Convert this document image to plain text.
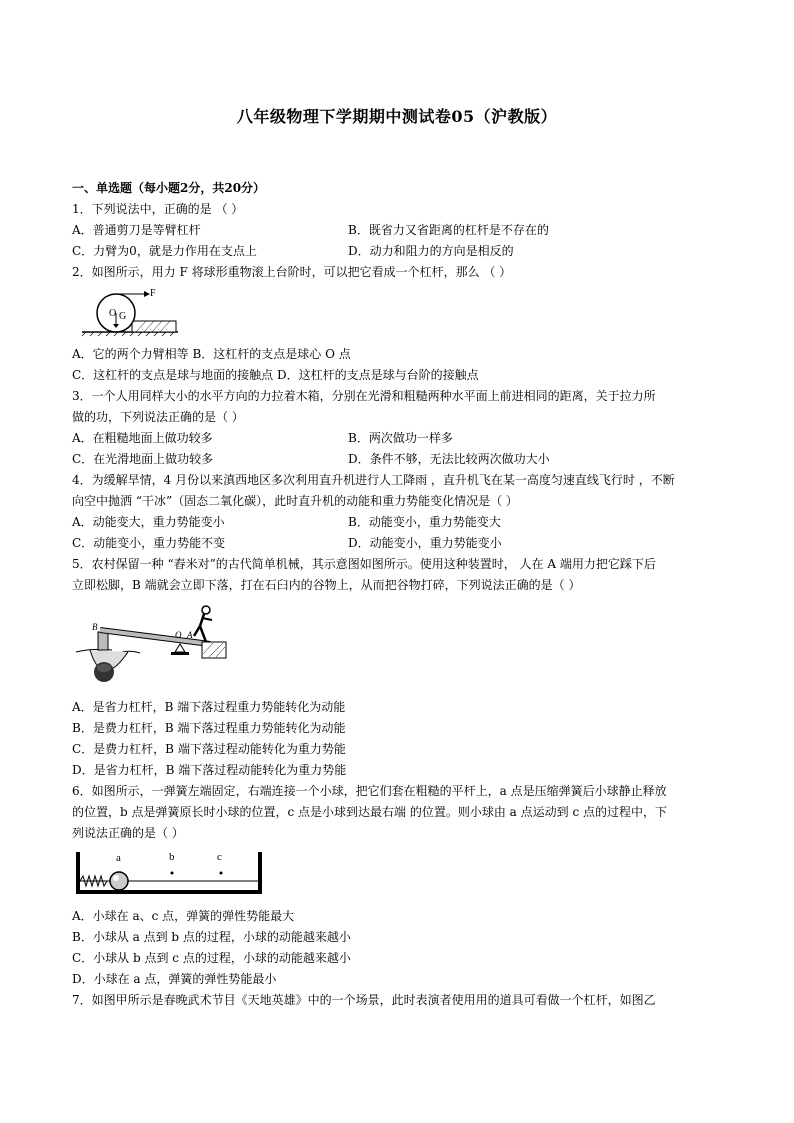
八年级物理下学期期中测试卷05（沪教版）
一、单选题（每小题2分，共20分）
1．下列说法中，正确的是 （ ）
A．普通剪刀是等臂杠杆	B．既省力又省距离的杠杆是不存在的
C．力臂为0，就是力作用在支点上	D．动力和阻力的方向是相反的
2．如图所示，用力 F 将球形重物滚上台阶时，可以把它看成一个杠杆，那么 （ ）
O G
F
A．它的两个力臂相等 B．这杠杆的支点是球心 O 点
C．这杠杆的支点是球与地面的接触点 D．这杠杆的支点是球与台阶的接触点
3．一个人用同样大小的水平方向的力拉着木箱，分别在光滑和粗糙两种水平面上前进相同的距离，关于拉力所
做的功，下列说法正确的是（ ）
A．在粗糙地面上做功较多	B．两次做功一样多
C．在光滑地面上做功较多	D．条件不够，无法比较两次做功大小
4．为缓解旱情，4 月份以来滇西地区多次利用直升机进行人工降雨 ，直升机飞在某一高度匀速直线飞行时 ，不断
向空中抛洒 “干冰”（固态二氧化碳），此时直升机的动能和重力势能变化情况是（ ）
A．动能变大，重力势能变小	B．动能变小，重力势能变大
C．动能变小，重力势能不变	D．动能变小，重力势能变小
5．农村保留一种 “舂米对”的古代简单机械，其示意图如图所示。使用这种装置时， 人在 A 端用力把它踩下后
立即松脚，B 端就会立即下落，打在石臼内的谷物上，从而把谷物打碎，下列说法正确的是（ ）
B
O A
A．是省力杠杆，B 端下落过程重力势能转化为动能
B．是费力杠杆，B 端下落过程重力势能转化为动能
C．是费力杠杆，B 端下落过程动能转化为重力势能
D．是省力杠杆，B 端下落过程动能转化为重力势能
6．如图所示，一弹簧左端固定，右端连接一个小球，把它们套在粗糙的平杆上，a 点是压缩弹簧后小球静止释放
的位置，b 点是弹簧原长时小球的位置，c 点是小球到达最右端 的位置。则小球由 a 点运动到 c 点的过程中，下
列说法正确的是（ ）
a	b	c
A．小球在 a、c 点，弹簧的弹性势能最大
B．小球从 a 点到 b 点的过程，小球的动能越来越小
C．小球从 b 点到 c 点的过程，小球的动能越来越小
D．小球在 a 点，弹簧的弹性势能最小
7．如图甲所示是春晚武术节目《天地英雄》中的一个场景，此时表演者使用用的道具可看做一个杠杆，如图乙
